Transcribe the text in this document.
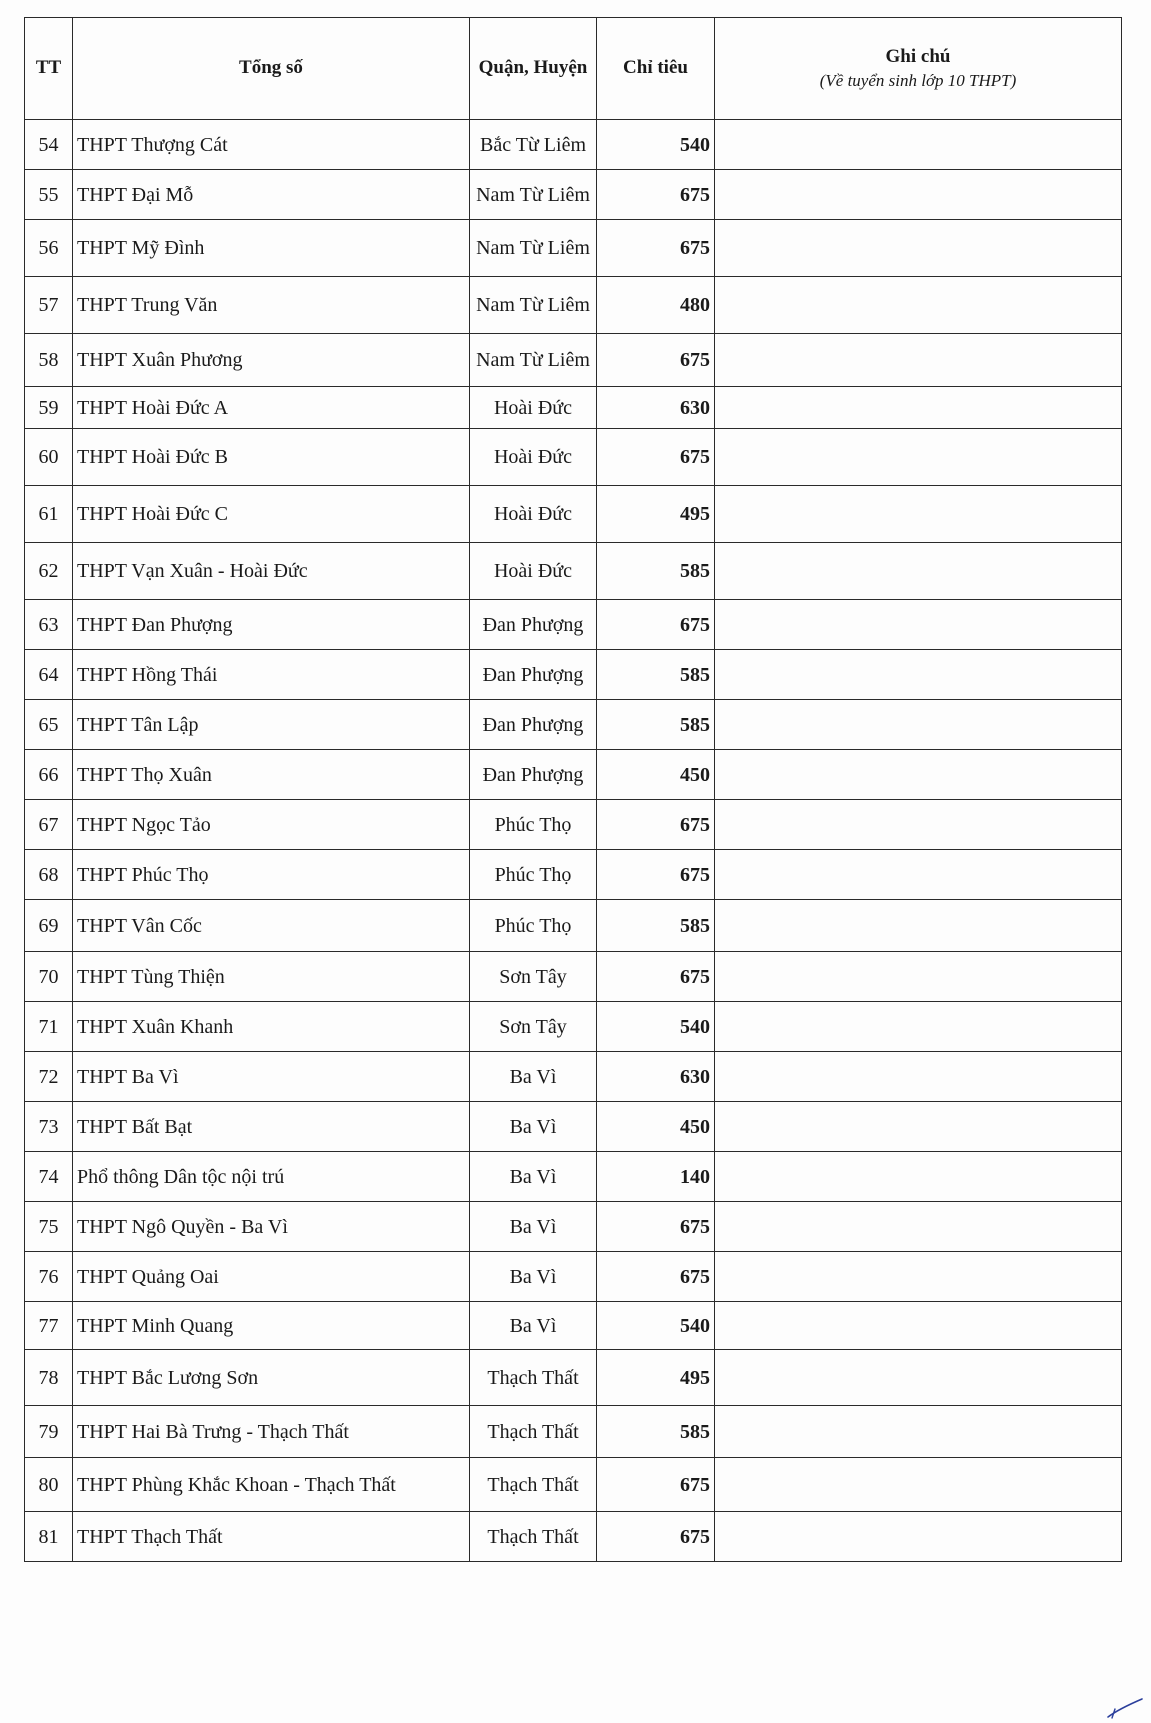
TT	Tổng số	Quận, Huyện	Chỉ tiêu	Ghi chú
(Về tuyển sinh lớp 10 THPT)

54	THPT Thượng Cát	Bắc Từ Liêm	540	
55	THPT Đại Mỗ	Nam Từ Liêm	675	
56	THPT Mỹ Đình	Nam Từ Liêm	675	
57	THPT Trung Văn	Nam Từ Liêm	480	
58	THPT Xuân Phương	Nam Từ Liêm	675	
59	THPT Hoài Đức A	Hoài Đức	630	
60	THPT Hoài Đức B	Hoài Đức	675	
61	THPT Hoài Đức C	Hoài Đức	495	
62	THPT Vạn Xuân - Hoài Đức	Hoài Đức	585	
63	THPT Đan Phượng	Đan Phượng	675	
64	THPT Hồng Thái	Đan Phượng	585	
65	THPT Tân Lập	Đan Phượng	585	
66	THPT Thọ Xuân	Đan Phượng	450	
67	THPT Ngọc Tảo	Phúc Thọ	675	
68	THPT Phúc Thọ	Phúc Thọ	675	
69	THPT Vân Cốc	Phúc Thọ	585	
70	THPT Tùng Thiện	Sơn Tây	675	
71	THPT Xuân Khanh	Sơn Tây	540	
72	THPT Ba Vì	Ba Vì	630	
73	THPT Bất Bạt	Ba Vì	450	
74	Phổ thông Dân tộc nội trú	Ba Vì	140	
75	THPT Ngô Quyền - Ba Vì	Ba Vì	675	
76	THPT Quảng Oai	Ba Vì	675	
77	THPT Minh Quang	Ba Vì	540	
78	THPT Bắc Lương Sơn	Thạch Thất	495	
79	THPT Hai Bà Trưng - Thạch Thất	Thạch Thất	585	
80	THPT Phùng Khắc Khoan - Thạch Thất	Thạch Thất	675	
81	THPT Thạch Thất	Thạch Thất	675	
